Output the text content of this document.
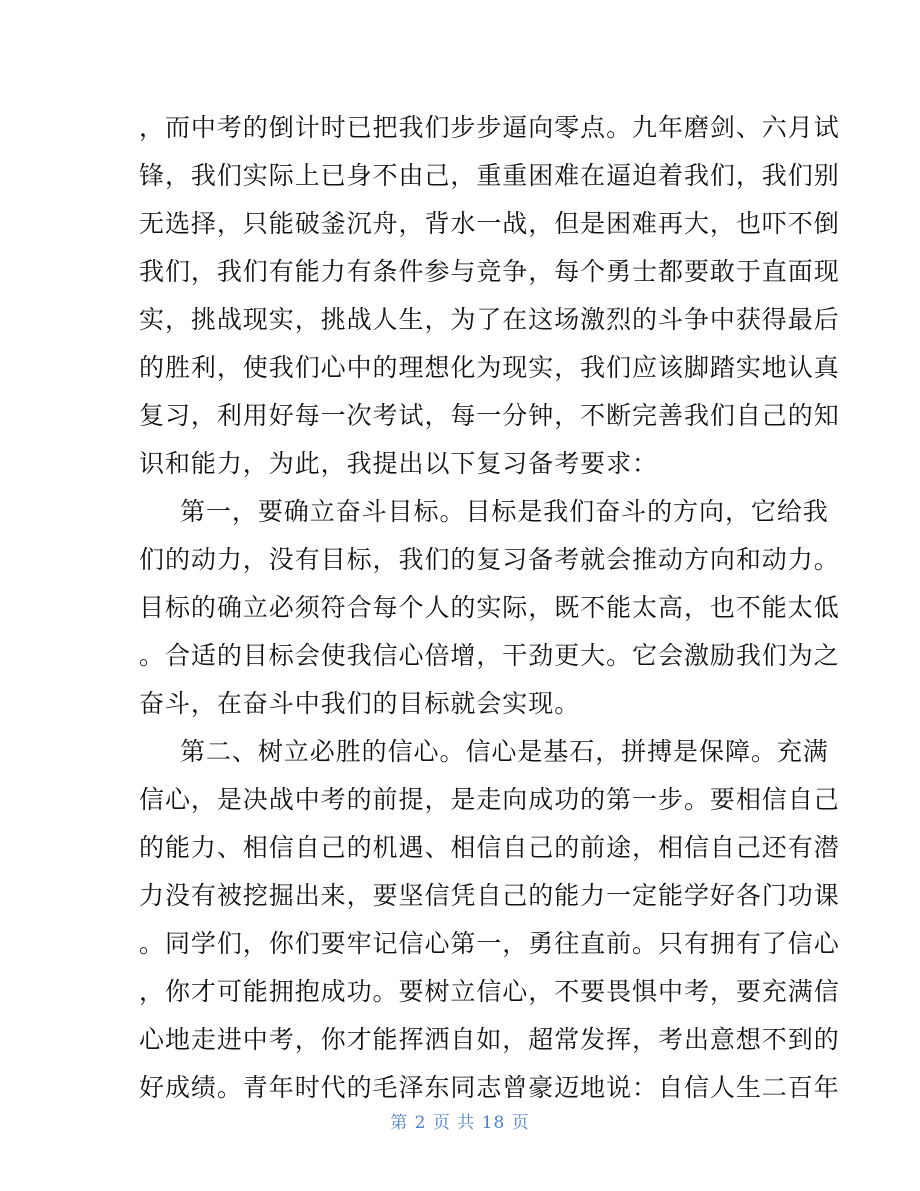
，而中考的倒计时已把我们步步逼向零点。九年磨剑、六月试
锋，我们实际上已身不由己，重重困难在逼迫着我们，我们别
无选择，只能破釜沉舟，背水一战，但是困难再大，也吓不倒
我们，我们有能力有条件参与竞争，每个勇士都要敢于直面现
实，挑战现实，挑战人生，为了在这场激烈的斗争中获得最后
的胜利，使我们心中的理想化为现实，我们应该脚踏实地认真
复习，利用好每一次考试，每一分钟，不断完善我们自己的知
识和能力，为此，我提出以下复习备考要求：
第一，要确立奋斗目标。目标是我们奋斗的方向，它给我
们的动力，没有目标，我们的复习备考就会推动方向和动力。
目标的确立必须符合每个人的实际，既不能太高，也不能太低
。合适的目标会使我信心倍增，干劲更大。它会激励我们为之
奋斗，在奋斗中我们的目标就会实现。
第二、树立必胜的信心。信心是基石，拼搏是保障。充满
信心，是决战中考的前提，是走向成功的第一步。要相信自己
的能力、相信自己的机遇、相信自己的前途，相信自己还有潜
力没有被挖掘出来，要坚信凭自己的能力一定能学好各门功课
。同学们，你们要牢记信心第一，勇往直前。只有拥有了信心
，你才可能拥抱成功。要树立信心，不要畏惧中考，要充满信
心地走进中考，你才能挥洒自如，超常发挥，考出意想不到的
好成绩。青年时代的毛泽东同志曾豪迈地说：自信人生二百年
第 2 页 共 18 页
